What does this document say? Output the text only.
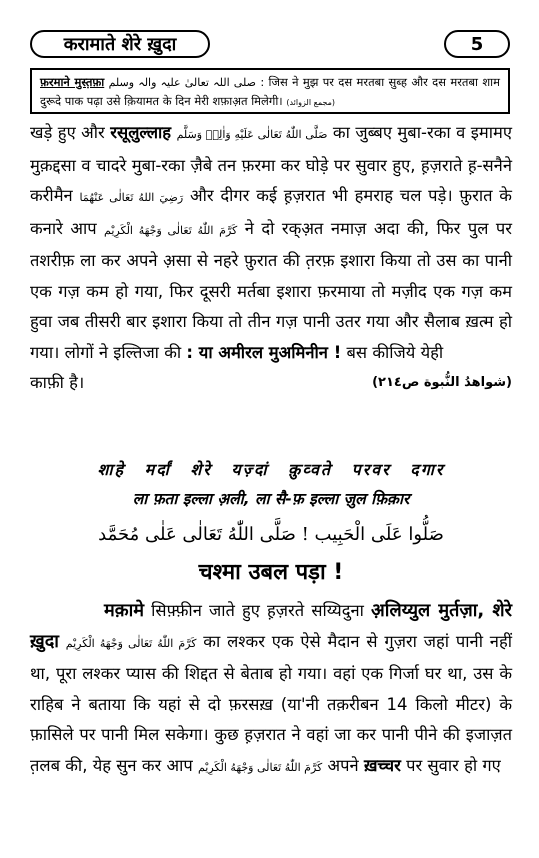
करामाते शेरे ख़ुदा	5
फ़रमाने मुस्त़फ़ा صلی اللہ تعالیٰ علیہ والہ وسلم : जिस ने मुझ पर दस मरतबा सुब्ह और दस मरतबा शाम दुरूदे पाक पढ़ा उसे क़ियामत के दिन मेरी शफ़ाअ़त मिलेगी। (مجمع الزوائد)

खड़े हुए और रसूलुल्लाह صَلَّى اللّٰهُ تَعَالٰى عَلَيْهِ وَاٰلِهٖ وَسَلَّم का जुब्बए मुबा-रका व इमामए मुक़द्दसा व चादरे मुबा-रका ज़ैबे तन फ़रमा कर घोड़े पर सुवार हुए, ह़ज़राते ह़-सनैने करीमैन رَضِيَ اللهُ تَعَالٰى عَنْهُمَا और दीगर कई ह़ज़रात भी हमराह चल पड़े। फ़ुरात के कनारे आप كَرَّمَ اللّٰهُ تَعَالٰى وَجْهَهُ الْكَرِيْم ने दो रक्अ़त नमाज़ अदा की, फिर पुल पर तशरीफ़ ला कर अपने अ़सा से नहरे फ़ुरात की त़रफ़ इशारा किया तो उस का पानी एक गज़ कम हो गया, फिर दूसरी मर्तबा इशारा फ़रमाया तो मज़ीद एक गज़ कम हुवा जब तीसरी बार इशारा किया तो तीन गज़ पानी उतर गया और सैलाब ख़त्म हो गया। लोगों ने इल्तिजा की : या अमीरल मुअमिनीन ! बस कीजिये येही

काफ़ी है।	(شواهدُ النُّبوة ص٢١٤)
शाहे मर्दां शेरे यज़्दां क़ुव्वते परवर दगार
ला फ़ता इल्ला अ़ली, ला सै-फ़ इल्ला ज़ुल फ़िक़ार
صَلُّوا عَلَى الْحَبِيب ! صَلَّى اللّٰهُ تَعَالٰى عَلٰى مُحَمَّد
चश्मा उबल पड़ा !

मक़ामे सिफ़्फ़ीन जाते हुए ह़ज़रते सय्यिदुना अ़लिय्युल मुर्तज़ा, शेरे ख़ुदा كَرَّمَ اللّٰهُ تَعَالٰى وَجْهَهُ الْكَرِيْم का लश्कर एक ऐसे मैदान से गुज़रा जहां पानी नहीं था, पूरा लश्कर प्यास की शिद्दत से बेताब हो गया। वहां एक गिर्जा घर था, उस के राहिब ने बताया कि यहां से दो फ़रसख़ (या'नी तक़रीबन 14 किलो मीटर) के फ़ासिले पर पानी मिल सकेगा। कुछ ह़ज़रात ने वहां जा कर पानी पीने की इजाज़त त़लब की, येह सुन कर आप كَرَّمَ اللّٰهُ تَعَالٰى وَجْهَهُ الْكَرِيْم अपने ख़च्चर पर सुवार हो गए
